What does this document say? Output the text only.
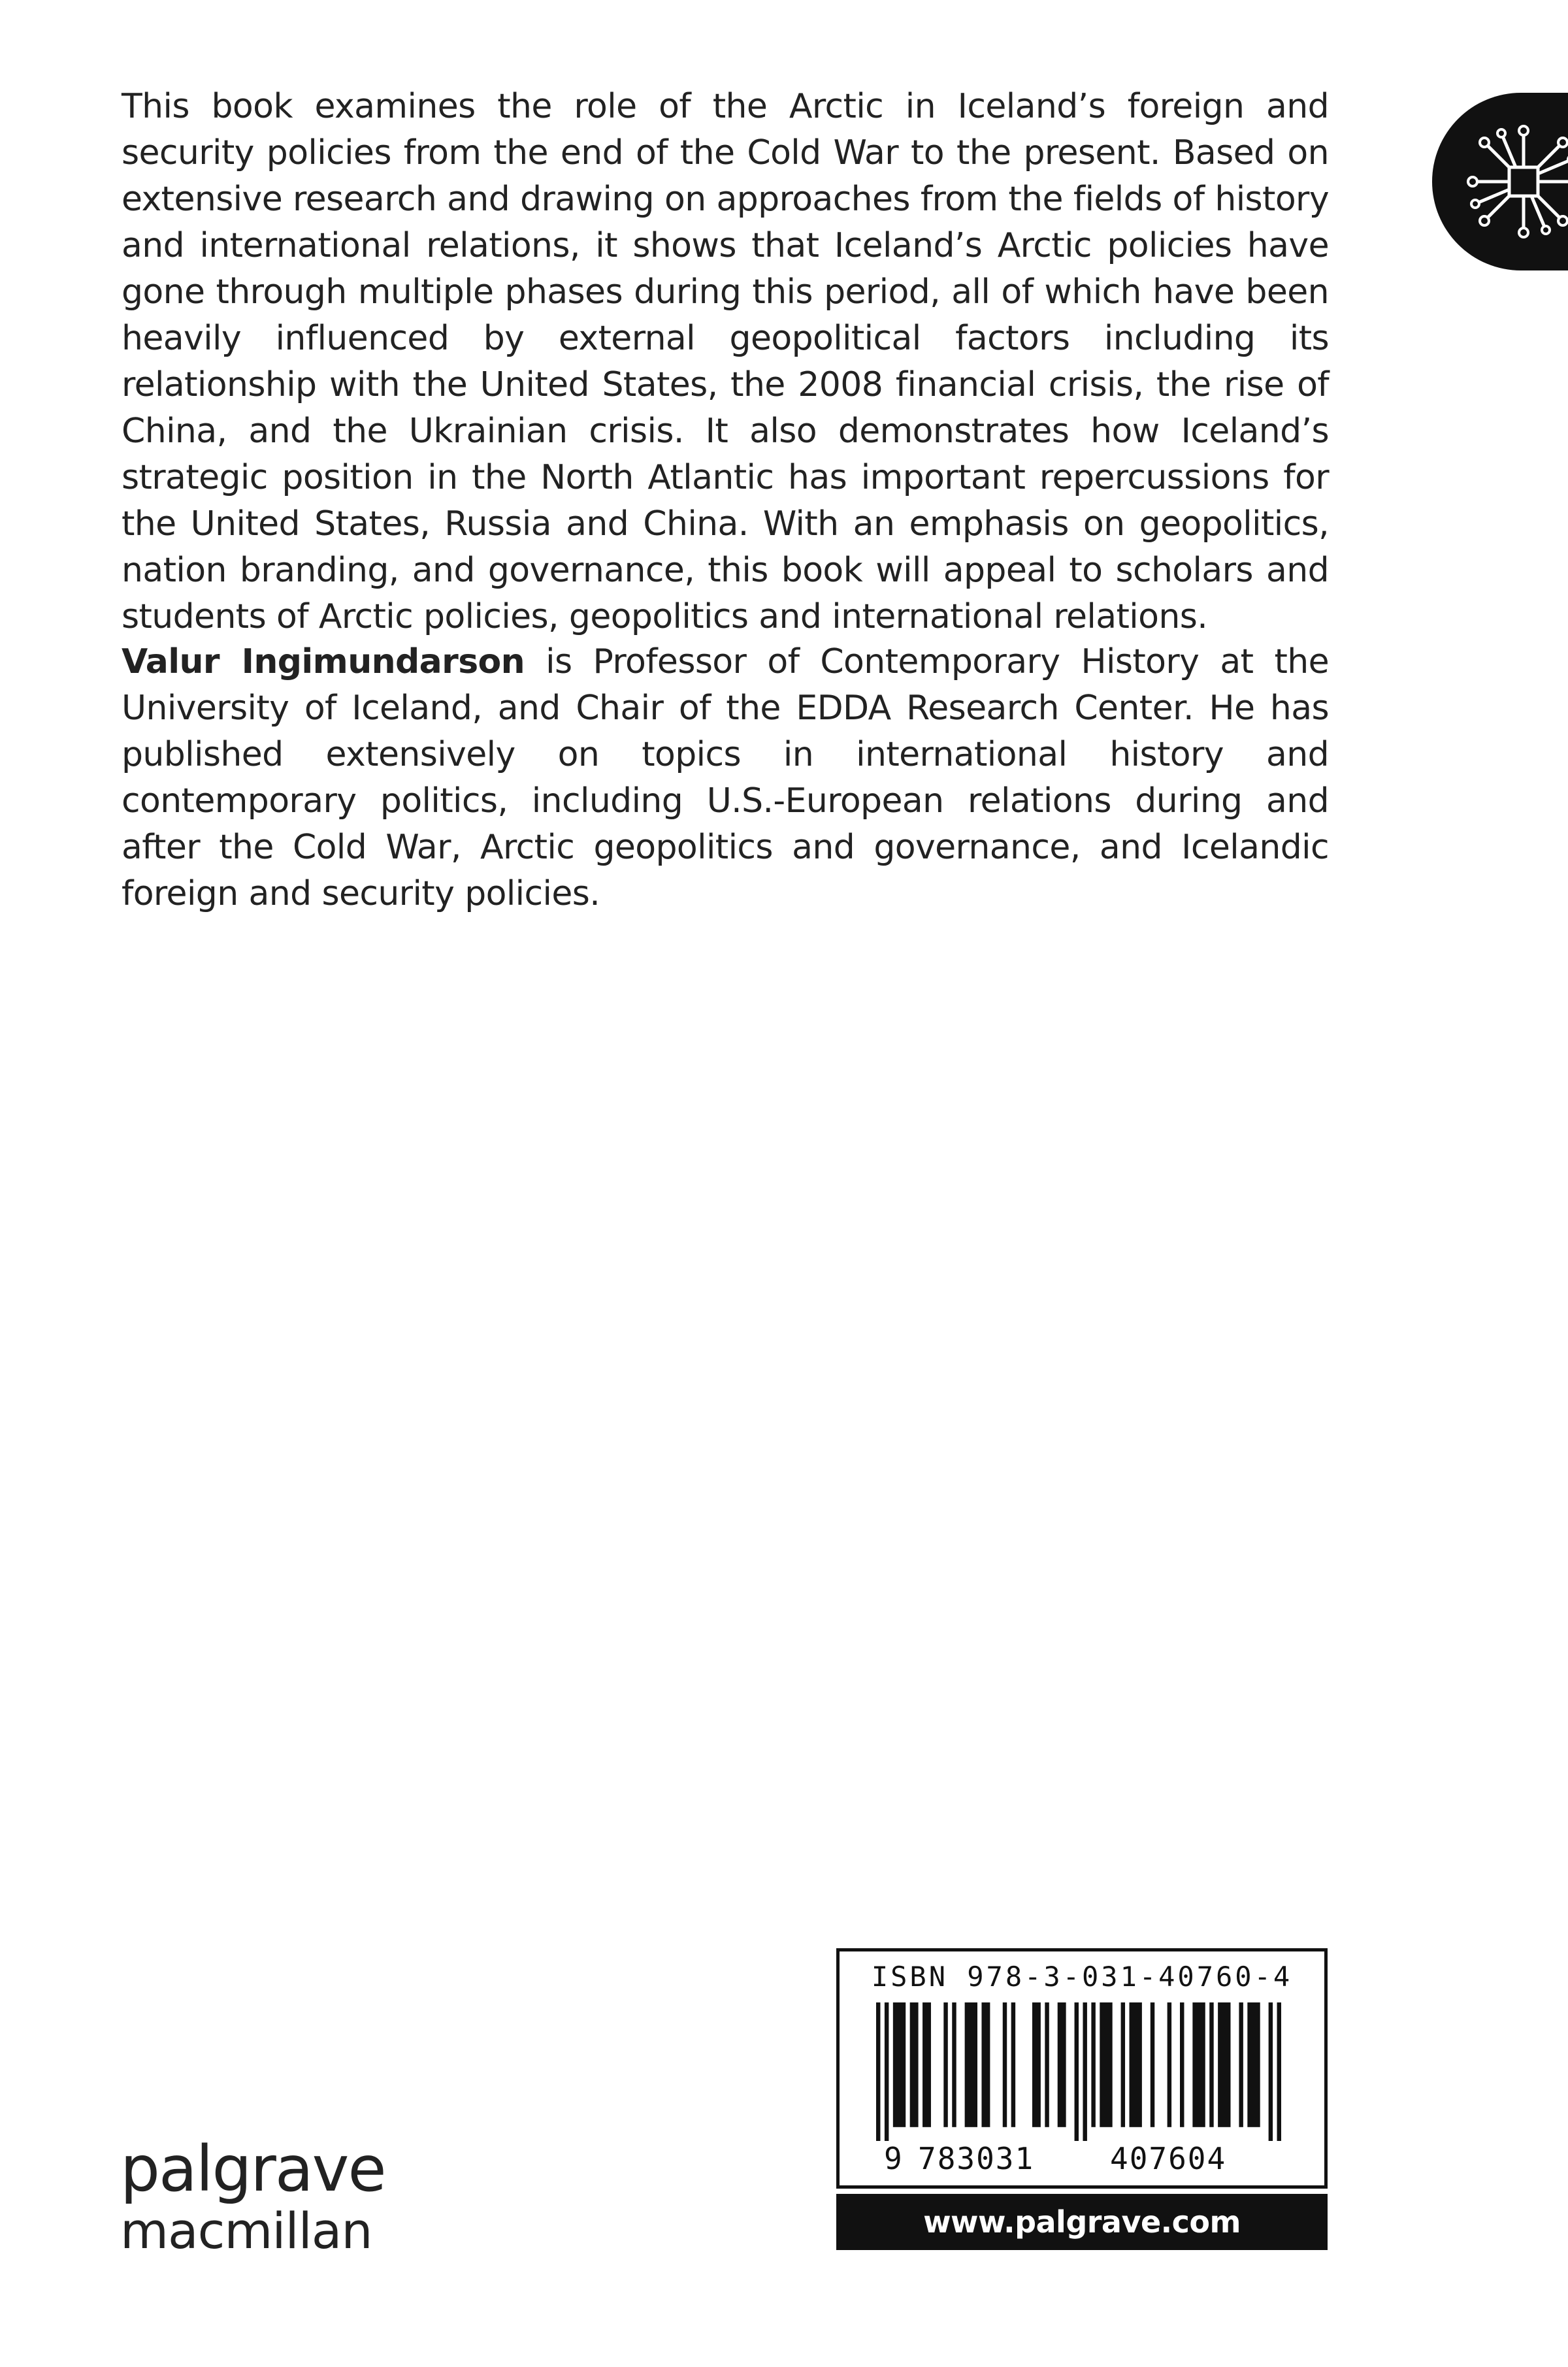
This book examines the role of the Arctic in Iceland’s foreign and security policies from the end of the Cold War to the present. Based on extensive research and drawing on approaches from the fields of history and international relations, it shows that Iceland’s Arctic policies have gone through multiple phases during this period, all of which have been heavily influenced by external geopolitical factors including its relationship with the United States, the 2008 financial crisis, the rise of China, and the Ukrainian crisis. It also demonstrates how Iceland’s strategic position in the North Atlantic has important repercussions for the United States, Russia and China. With an emphasis on geopolitics, nation branding, and governance, this book will appeal to scholars and students of Arctic policies, geopolitics and international relations.

Valur Ingimundarson is Professor of Contemporary History at the University of Iceland, and Chair of the EDDA Research Center. He has published extensively on topics in international history and contemporary politics, including U.S.-European relations during and after the Cold War, Arctic geopolitics and governance, and Icelandic foreign and security policies.

palgrave
macmillan
ISBN 978-3-031-40760-4
9 783031	407604
www.palgrave.com
